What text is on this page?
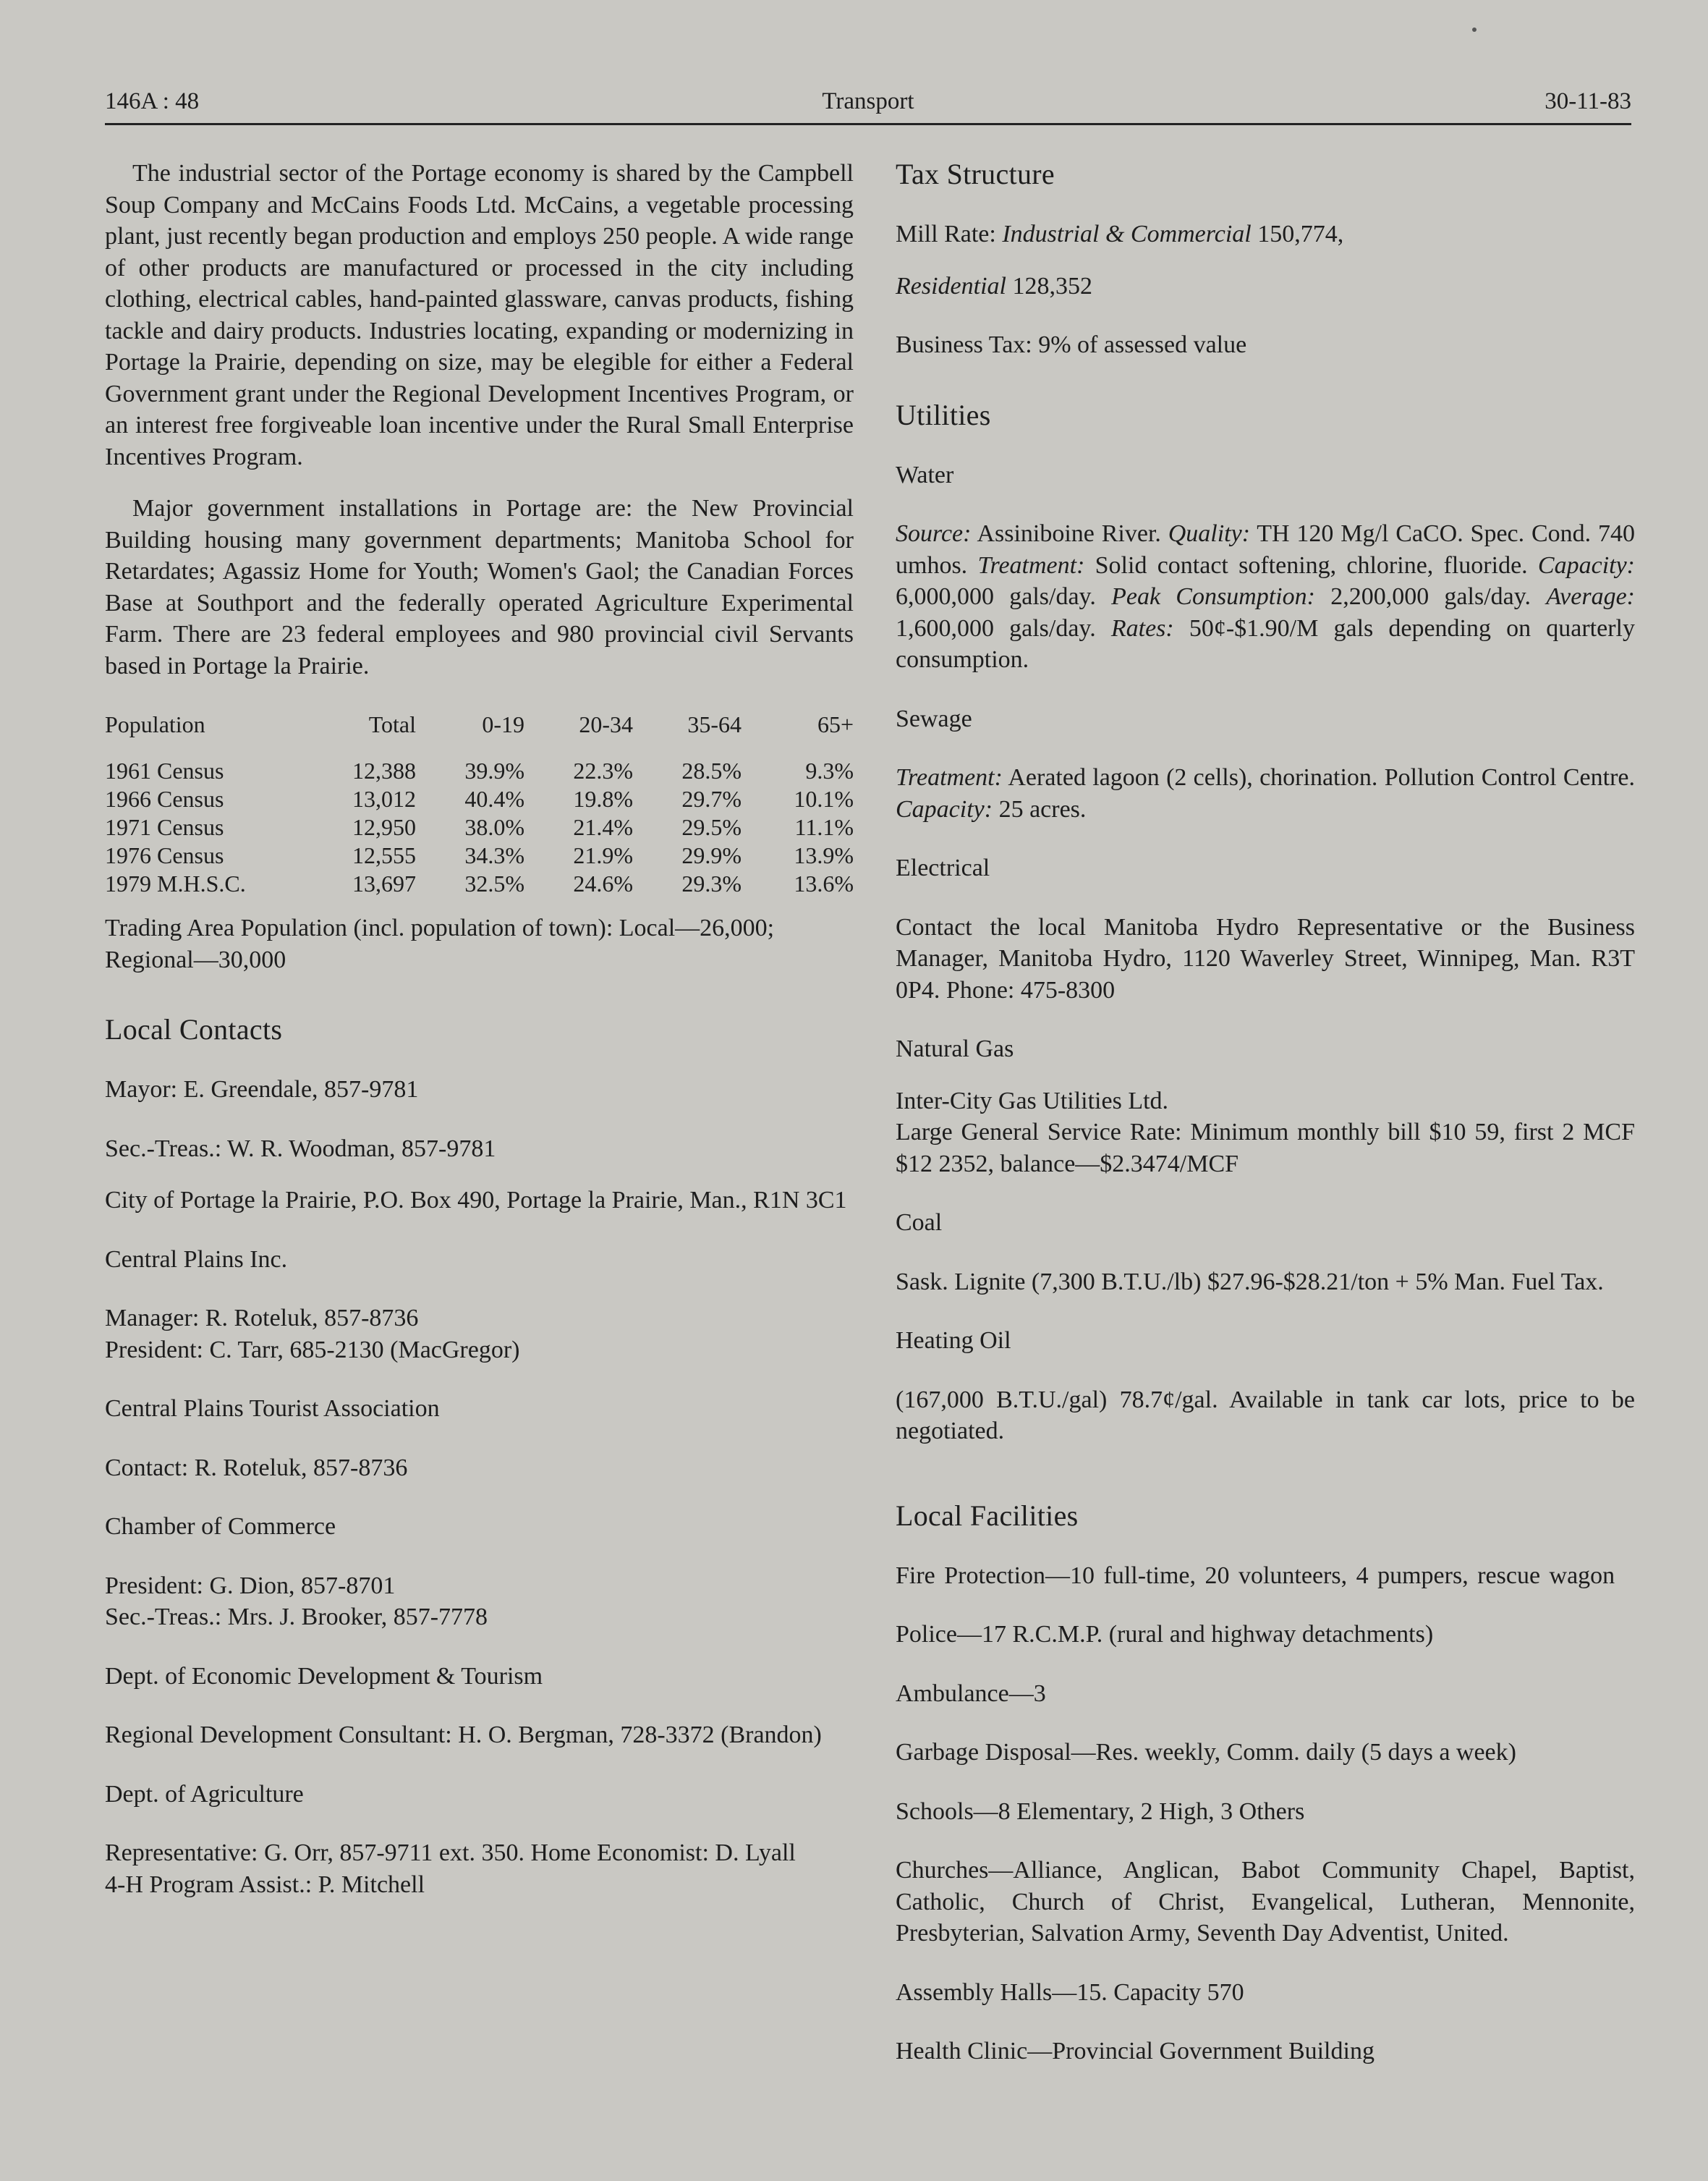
146A : 48	Transport	30-11-83

The industrial sector of the Portage economy is shared by the Campbell Soup Company and McCains Foods Ltd. McCains, a vegetable processing plant, just recently began production and employs 250 people. A wide range of other products are manufactured or processed in the city including clothing, electrical cables, hand-painted glassware, canvas products, fishing tackle and dairy products. Industries locating, expanding or modernizing in Portage la Prairie, depending on size, may be elegible for either a Federal Government grant under the Regional Development Incentives Program, or an interest free forgiveable loan incentive under the Rural Small Enterprise Incentives Program.

Major government installations in Portage are: the New Provincial Building housing many government departments; Manitoba School for Retardates; Agassiz Home for Youth; Women's Gaol; the Canadian Forces Base at Southport and the federally operated Agriculture Experimental Farm. There are 23 federal employees and 980 provincial civil Servants based in Portage la Prairie.

Population	Total	0-19	20-34	35-64	65+
1961 Census	12,388	39.9%	22.3%	28.5%	9.3%
1966 Census	13,012	40.4%	19.8%	29.7%	10.1%
1971 Census	12,950	38.0%	21.4%	29.5%	11.1%
1976 Census	12,555	34.3%	21.9%	29.9%	13.9%
1979 M.H.S.C.	13,697	32.5%	24.6%	29.3%	13.6%

Trading Area Population (incl. population of town): Local—26,000; Regional—30,000

Local Contacts

Mayor: E. Greendale, 857-9781

Sec.-Treas.: W. R. Woodman, 857-9781

City of Portage la Prairie, P.O. Box 490, Portage la Prairie, Man., R1N 3C1

Central Plains Inc.

Manager: R. Roteluk, 857-8736

President: C. Tarr, 685-2130 (MacGregor)

Central Plains Tourist Association

Contact: R. Roteluk, 857-8736

Chamber of Commerce

President: G. Dion, 857-8701

Sec.-Treas.: Mrs. J. Brooker, 857-7778

Dept. of Economic Development & Tourism

Regional Development Consultant: H. O. Bergman, 728-3372 (Brandon)

Dept. of Agriculture

Representative: G. Orr, 857-9711 ext. 350. Home Economist: D. Lyall

4-H Program Assist.: P. Mitchell

Tax Structure

Mill Rate: Industrial & Commercial 150,774,

Residential 128,352

Business Tax: 9% of assessed value

Utilities

Water

Source: Assiniboine River. Quality: TH 120 Mg/l CaCO. Spec. Cond. 740 umhos. Treatment: Solid contact softening, chlorine, fluoride. Capacity: 6,000,000 gals/day. Peak Consumption: 2,200,000 gals/day. Average: 1,600,000 gals/day. Rates: 50¢-$1.90/M gals depending on quarterly consumption.

Sewage

Treatment: Aerated lagoon (2 cells), chorination. Pollution Control Centre. Capacity: 25 acres.

Electrical

Contact the local Manitoba Hydro Representative or the Business Manager, Manitoba Hydro, 1120 Waverley Street, Winnipeg, Man. R3T 0P4. Phone: 475-8300

Natural Gas

Inter-City Gas Utilities Ltd.

Large General Service Rate: Minimum monthly bill $10 59, first 2 MCF $12 2352, balance—$2.3474/MCF

Coal

Sask. Lignite (7,300 B.T.U./lb) $27.96-$28.21/ton + 5% Man. Fuel Tax.

Heating Oil

(167,000 B.T.U./gal) 78.7¢/gal. Available in tank car lots, price to be negotiated.

Local Facilities

Fire Protection—10 full-time, 20 volunteers, 4 pumpers, rescue wagon

Police—17 R.C.M.P. (rural and highway detachments)

Ambulance—3

Garbage Disposal—Res. weekly, Comm. daily (5 days a week)

Schools—8 Elementary, 2 High, 3 Others

Churches—Alliance, Anglican, Babot Community Chapel, Baptist, Catholic, Church of Christ, Evangelical, Lutheran, Mennonite, Presbyterian, Salvation Army, Seventh Day Adventist, United.

Assembly Halls—15. Capacity 570

Health Clinic—Provincial Government Building
